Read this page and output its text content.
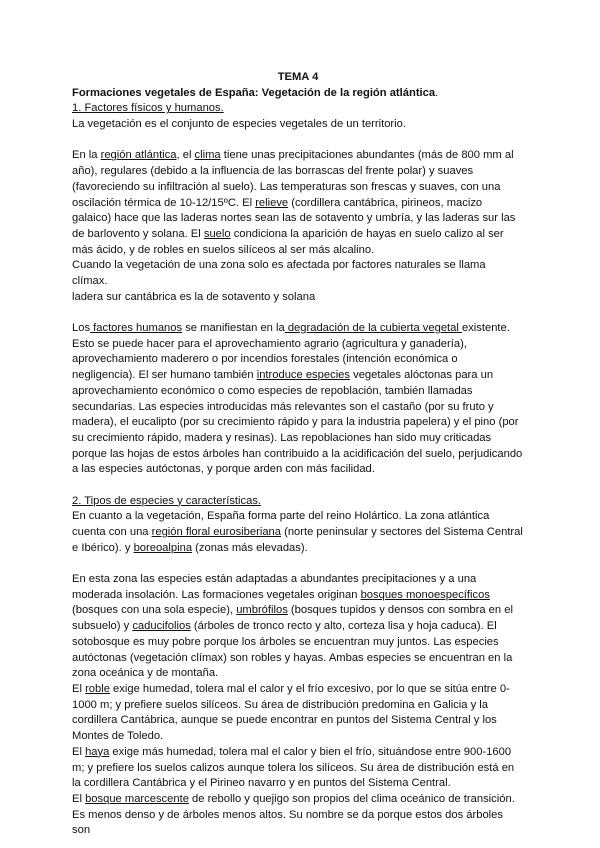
TEMA 4

Formaciones vegetales de España: Vegetación de la región atlántica.

1. Factores físicos y humanos.

La vegetación es el conjunto de especies vegetales de un territorio.

En la región atlántica, el clima tiene unas precipitaciones abundantes (más de 800 mm al año), regulares (debido a la influencia de las borrascas del frente polar) y suaves (favoreciendo su infiltración al suelo). Las temperaturas son frescas y suaves, con una oscilación térmica de 10-12/15ºC. El relieve (cordillera cantábrica, pirineos, macizo galaico) hace que las laderas nortes sean las de sotavento y umbría, y las laderas sur las de barlovento y solana. El suelo condiciona la aparición de hayas en suelo calizo al ser más ácido, y de robles en suelos silíceos al ser más alcalino.

Cuando la vegetación de una zona solo es afectada por factores naturales se llama clímax.

ladera sur cantábrica es la de sotavento y solana

Los factores humanos se manifiestan en la degradación de la cubierta vegetal existente. Esto se puede hacer para el aprovechamiento agrario (agricultura y ganadería), aprovechamiento maderero o por incendios forestales (intención económica o negligencia). El ser humano también introduce especies vegetales alóctonas para un aprovechamiento económico o como especies de repoblación, también llamadas secundarias. Las especies introducidas más relevantes son el castaño (por su fruto y madera), el eucalipto (por su crecimiento rápido y para la industria papelera) y el pino (por su crecimiento rápido, madera y resinas). Las repoblaciones han sido muy criticadas porque las hojas de estos árboles han contribuido a la acidificación del suelo, perjudicando a las especies autóctonas, y porque arden con más facilidad.

2. Tipos de especies y características.

En cuanto a la vegetación, España forma parte del reino Holártico. La zona atlántica cuenta con una región floral eurosiberiana (norte peninsular y sectores del Sistema Central e Ibérico). y boreoalpina (zonas más elevadas).

En esta zona las especies están adaptadas a abundantes precipitaciones y a una moderada insolación. Las formaciones vegetales originan bosques monoespecíficos (bosques con una sola especie), umbrófilos (bosques tupidos y densos con sombra en el subsuelo) y caducifolios (árboles de tronco recto y alto, corteza lisa y hoja caduca). El sotobosque es muy pobre porque los árboles se encuentran muy juntos. Las especies autóctonas (vegetación clímax) son robles y hayas. Ambas especies se encuentran en la zona oceánica y de montaña.

El roble exige humedad, tolera mal el calor y el frío excesivo, por lo que se sitúa entre 0-1000 m; y prefiere suelos silíceos. Su área de distribución predomina en Galicia y la cordillera Cantábrica, aunque se puede encontrar en puntos del Sistema Central y los Montes de Toledo.

El haya exige más humedad, tolera mal el calor y bien el frío, situándose entre 900-1600 m; y prefiere los suelos calizos aunque tolera los silíceos. Su área de distribución está en la cordillera Cantábrica y el Pirineo navarro y en puntos del Sistema Central.

El bosque marcescente de rebollo y quejigo son propios del clima oceánico de transición. Es menos denso y de árboles menos altos. Su nombre se da porque estos dos árboles son
